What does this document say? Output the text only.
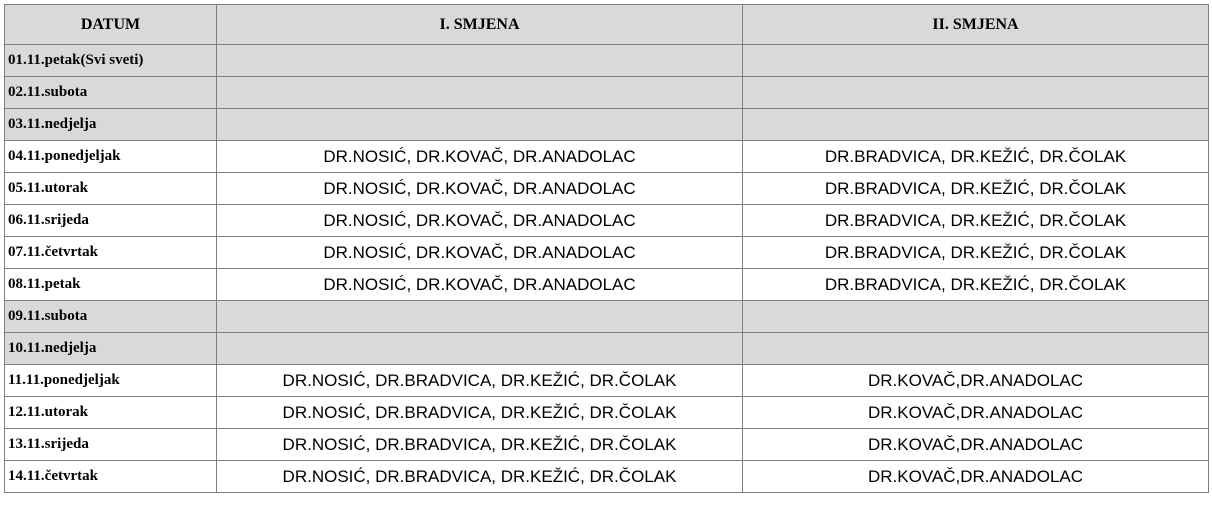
DATUM	I. SMJENA	II. SMJENA
01.11.petak(Svi sveti)		
02.11.subota		
03.11.nedjelja		
04.11.ponedjeljak	DR.NOSIĆ, DR.KOVAČ, DR.ANADOLAC	DR.BRADVICA, DR.KEŽIĆ, DR.ČOLAK
05.11.utorak	DR.NOSIĆ, DR.KOVAČ, DR.ANADOLAC	DR.BRADVICA, DR.KEŽIĆ, DR.ČOLAK
06.11.srijeda	DR.NOSIĆ, DR.KOVAČ, DR.ANADOLAC	DR.BRADVICA, DR.KEŽIĆ, DR.ČOLAK
07.11.četvrtak	DR.NOSIĆ, DR.KOVAČ, DR.ANADOLAC	DR.BRADVICA, DR.KEŽIĆ, DR.ČOLAK
08.11.petak	DR.NOSIĆ, DR.KOVAČ, DR.ANADOLAC	DR.BRADVICA, DR.KEŽIĆ, DR.ČOLAK
09.11.subota		
10.11.nedjelja		
11.11.ponedjeljak	DR.NOSIĆ, DR.BRADVICA, DR.KEŽIĆ, DR.ČOLAK	DR.KOVAČ,DR.ANADOLAC
12.11.utorak	DR.NOSIĆ, DR.BRADVICA, DR.KEŽIĆ, DR.ČOLAK	DR.KOVAČ,DR.ANADOLAC
13.11.srijeda	DR.NOSIĆ, DR.BRADVICA, DR.KEŽIĆ, DR.ČOLAK	DR.KOVAČ,DR.ANADOLAC
14.11.četvrtak	DR.NOSIĆ, DR.BRADVICA, DR.KEŽIĆ, DR.ČOLAK	DR.KOVAČ,DR.ANADOLAC
